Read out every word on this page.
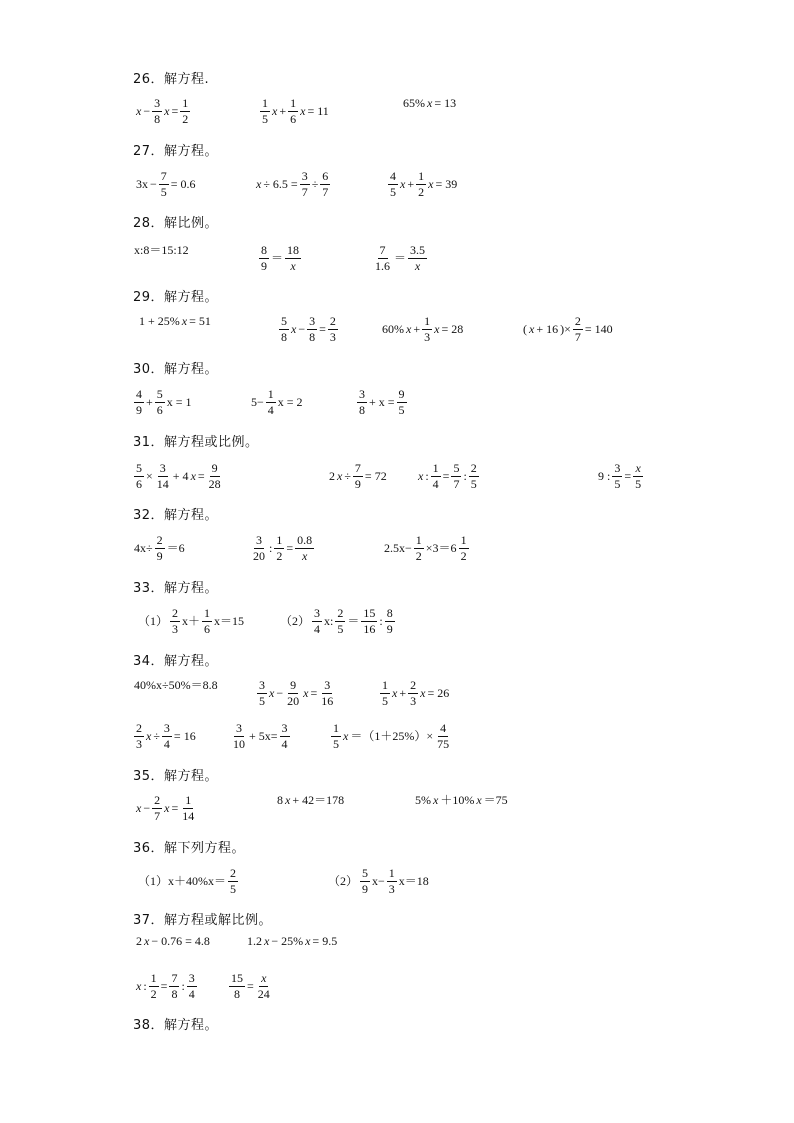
26．解方程.
$x - \frac{3}{8}$ $x = \frac{1}{2}$	$\frac{1}{5}$ $x + \frac{1}{6}$ x = 11
65% x = 13
27．解方程。
$3x - \frac{7}{5} = 0.6$	$x \div 6.5 = \frac{3}{7} \div \frac{6}{7}$	$\frac{4}{5}$ $x + \frac{1}{2}$ x = 39
28．解比例。
x:8＝15:12	$\frac{8}{9} = \frac{18}{x}$	$\frac{7}{1.6} = \frac{3.5}{x}$
29．解方程。
1 + 25% x = 51	$\frac{5}{8}$ $x - \frac{3}{8} = \frac{2}{3}$	60% $x + \frac{1}{3}$ x = 28	( x + 16 )× $\frac{2}{7} = 140$
30．解方程。
$\frac{4}{9} + \frac{5}{6}$ x = 1	$5- \frac{1}{4}$ x = 2	$\frac{3}{8} + x = \frac{9}{5}$
31．解方程或比例。
$\frac{5}{6} \times \frac{3}{14} + 4$ $x = \frac{9}{28}$	2 $x \div \frac{7}{9} = 72$	x : $\frac{1}{4} = \frac{5}{7}$ : $\frac{2}{5}$	9 : $\frac{3}{5} = \frac{x}{5}$
32．解方程。
$4x\div \frac{2}{9} =6$	$\frac{3}{20}$ : $\frac{1}{2} = \frac{0.8}{x}$	$2.5x- \frac{1}{2} \times 3=6 \frac{1}{2}$
33．解方程。
$(1) \frac{2}{3} x+ \frac{1}{6} x=15$	$(2) \frac{3}{4} x$: $\frac{2}{5} = \frac{15}{16}$ : $\frac{8}{9}$
34．解方程。
40%x÷50%＝8.8	$\frac{3}{5}$ $x - \frac{9}{20}$ $x = \frac{3}{16}$	$\frac{1}{5}$ $x + \frac{2}{3}$ x = 26
$\frac{2}{3}$ $x \div \frac{3}{4} = 16$	$\frac{3}{10} + 5x= \frac{3}{4}$	$\frac{1}{5}$ $x =(1+25\%)\times \frac{4}{75}$
35．解方程。
$x - \frac{2}{7}$ $x = \frac{1}{14}$	8 x + 42＝178	5% x ＋10% x ＝75
36．解下列方程。
$(1)x+40\%x= \frac{2}{5}$	$(2) \frac{5}{9} x- \frac{1}{3} x=18$
37．解方程或解比例。
2 x − 0.76 = 4.8	1.2 x − 25% x = 9.5
x : $\frac{1}{2} = \frac{7}{8}$ : $\frac{3}{4}$	$\frac{15}{8} = \frac{x}{24}$
38．解方程。
